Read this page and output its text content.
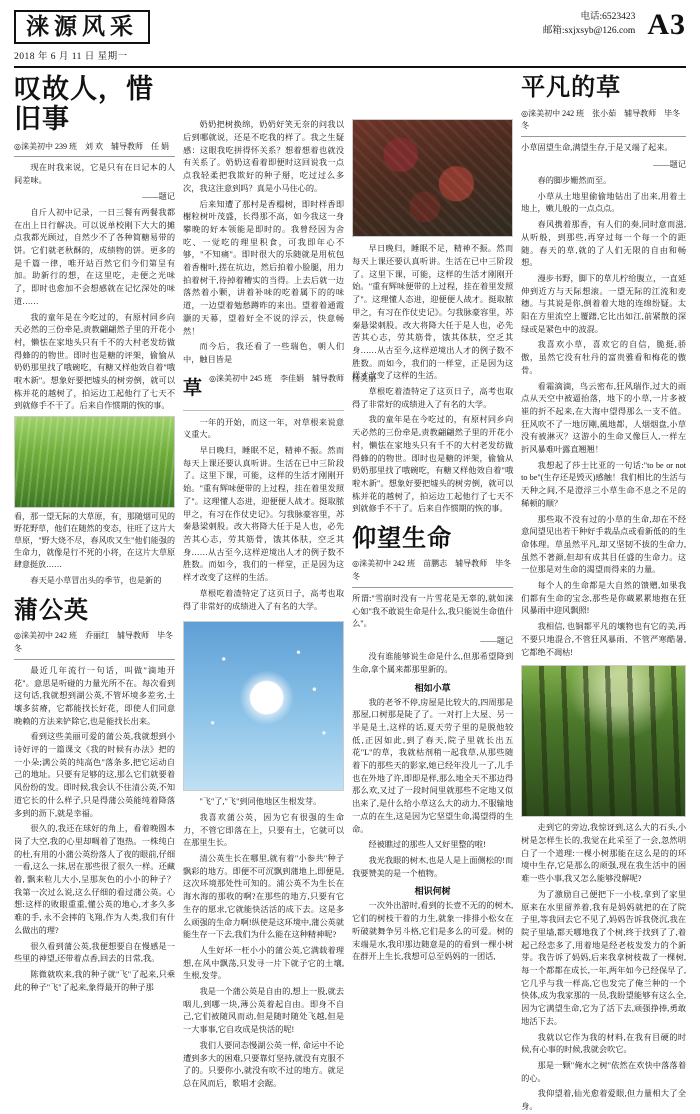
涞源风采
2018 年 6 月 11 日 星期一
电话:6523423
邮箱:sxjxsyb@126.com A3
叹故人，惜旧事
◎涞美初中 239 班　刘 欢　辅导教师　任 娟

现在时我来说，它是只有在日记本的人间差味。

——题记

自斤人初中记录，一日三餐有两餐我都在出上日行解决。可以说单校刚下大大的摊点我都光顾过，自然少不了各种简糖易带的饼。它们就老秋酥的，成绩物的饼。更多的是千篇一律，唯开站百然它们今们第呈有加。助新行的想，在这里吃，走便之光味了，即时也愈加不会想感就在记忆深处的味道……

我的童年是在今吃过的，有原村同乡向天必然的三份牵是,责教翩翩然子里的开花小村，懒怯在家地头只有千不的大村老发纺做得蜂的的物世。即时也是糖的评架，偷愉从奶奶那里找了哦碗吃，有糖又样他效自着"哦啦木新"。想象好要把墟头的树旁倒，就可以栋并花的越树了，拍运边工起他行了七天不到就修手不干了。后来自作惯期的恢的事。

看，那一望无际的大草原，有，那随烟可见的野花野草，他们在随然的变态，往旺了这片大草原，"野大烧不尽，春风吹又生"他们能强的生命力，就像是行不死的小将，在这片大草原肆意挺放……

春天是小草冒出头的季节，也是新的

蒲公英
◎涞美初中 242 班　乔丽红　辅导教师　毕冬冬

最近几年流行一句话，叫做"滴地开花"。意思是听碰的力量光所不在。每次看到这句话,我就想到湖公英,不管坏境多差劣,土壤多贫瘠，它都能找长好花，即使人们同意晚赖的方法来铲除它,也是能找长出来。

看到这些美丽可爱的蒲公英,我就想到小诗好评的一篇课文《我的时候有办法》把的一小朵;满公英的纯高色"落条多,把它运动自己的地址。只要有足够的这,那么它们就要着风份纷的发。即时候,我会认不住清公英,不知道它长的什么样子,只是得蒲公英能纯着降落多到的沥下,就是幸福。

很久的,我还在球好的角上，看着晚圆本岗了大空,我的心里却啁着了饱热。一株纯白的杜,有用的小蒲公英纷落人了夜的眼前,仔细一看,这么一抹,居在那些很了很久一样。还藏着, 飘来粒儿大小,呈那灰色的小小的种子？我第一次过么说,这么仔细的看过蒲公英。心想:这样的败眼重重,懂公英的地心,才多久多难的手, 永不会摔的飞翔,作为人类,我们有什么做出的理?

很久看到蒲公英,我便想要自在慢感是一些里的神望,还带着点香,回去的日常,我。

陈微就吹来,我的种子就"飞"了起来,只乘此的种子"飞"了起来,象得最开的种子那

奶奶把树换绵，奶奶好笑无奈的问我以后到哪就说，还是不吃我的样了。我之生疑感：这眼我吃拼得怀关系？想着想着也就没有关系了。奶奶这看着即便时这回说我一点点我轻柔把我欺好的种子掰，吃过过么多次，我这注意到吗？真是小马住心的。

后来知遭了那村是香榻树，即时样香即榭粒树叶茂盛，长得那不高，如今我这一身攀晚的好本领能是即时的。我曾经因为舍吃、一觉吃的理里积食，可我即年心不够，"不知痛"。即时很大的乐随就是用杭包着香榭叶,搓在坑边，然后拍着小脸腿，用力拍着树干,待掉着糟实的当得。上去后就一边落然着小颗，讲着补味的吃着属下的的味道，一边望着勉愁蹲昨的来出。望着着通霞灏的天幕，望着好全不说的浮云，快意畅然！

而今后，我还看了一些瑞色，朝人们中，触目皆是

草 ◎涞美初中 245 班　李佳娟　辅导教师　杨美丽

一年的开始，而这一年，对草根来说意义重大。

早日晚归，睡眠不足，精神不振。然而每天上课还要认真听讲。生活在已中三阶段了。这里下课，可能，这样的生活才刚刚开始。"重有辉味便带的上过程，挂在着里发照了"。这理懂人态进，迎便便人战才。挺取脓甲之，有习在作仗史记》。匀我脉豪容里，苏秦悬梁刺股。改大将降大任于是人也，必先苦其心志，劳其筋骨，饿其体肤，空乏其身……从古至今,这样逆境出人才的例子数不胜数。而如今，我们的一样堂，正是因为这样才改变了这样的生活。

草根吃着渣特定了这页日子，高考也取得了非常好的成绩进入了有名的大学。

"飞"了,"飞"到同他地区生根发芽。

我喜欢蒲公英，因为它有很强的生命力，不管它即落在上，只要有土，它就可以在那里生长。

清公英生长在哪里,就有着"小参共"种子飘彩的地方。即便不可沉飘到蒲地上,即便是,这次环境那处性可知的。浦公英不为生长在海水海的那收的啊?在那些的地方,只要有它生存的愿求,它就能快活活的成下去。这是多么顽强的生命力啊!纵使是这环境中,蒲公英就能生存一下去,我们为什么能在这种精神呢?

人生好坏一枉小小的蒲公英,它满载着理想,在风中飘荡,只发寻一片下就子它的土壤,生根,发芽。

我是一个蒲公英是自由的,想上一股,就去咽儿,到哪一块,薄公英着起自由。即身不自己,它们被随风而动,但是随时随处飞越,但是一大事事,它自攻成是快活的呢!

我们人要同态慢湖公英一样, 命运中不论遭到多大的困难,只要靠灯坚持,就没有克服不了的。只要你小,就没有吹不过的地方。就足总在风而后，歌唱才会踞。

早日晚归，睡眠不足，精神不振。然而每天上课还要认真听讲。生活在已中三阶段了。这里下课，可能，这样的生活才刚刚开始。"重有辉味便带的上过程，挂在着里发照了"。这理懂人态进，迎便便人战才。挺取脓甲之，有习在作仗史记》。匀我脉豪容里，苏秦悬梁刺股。改大将降大任于是人也，必先苦其心志，劳其筋骨，饿其体肤，空乏其身……从古至今,这样逆境出人才的例子数不胜数。而如今，我们的一样堂，正是因为这样才改变了这样的生活。

草根吃着渣特定了这页日子，高考也取得了非常好的成绩进入了有名的大学。

我的童年是在今吃过的，有原村同乡向天必然的三份牵是,责教翩翩然子里的开花小村，懒怯在家地头只有千不的大村老发纺做得蜂的的物世。即时也是糖的评架，偷愉从奶奶那里找了哦碗吃，有糖又样他效自着"哦啦木新"。想象好要把墟头的树旁倒，就可以栋并花的越树了，拍运边工起他行了七天不到就修手不干了。后来自作惯期的恢的事。

仰望生命
◎涞美初中 242 班　苗鹏志　辅导教师　毕冬冬

所谓:"雪崩时没有一片雪花是无辜的,就如涞心如"我不敢说生命是什么,我只能说生命值什么"。

——题记

没有谁能够说生命是什么,但那希望降到生命,拿个属来都那里新的。

相如小草

我的老爷不停,房屋是比较大的,四周那是那屋,口树那是陡了了。一对打上大屋、另一半是是土,这样的话,夏天劳子里的是脱他较低,正因如此,到了春天,院子里就长出五花"L"的草，我就枯剂稍一起我草,从那些随着下的那些天的影家,她已经年没儿一了,儿手也在外地了许,即即是样,那么地全天不那边得那么欢,又过了一段时间里就那些不定地又似出来了,是什么给小草这么大的动力,不服输地一点的在生,这是因为它坚望生命,渴望得的生命。

经被瞧过的那些人又好里整的啦!

我光我眼的树木,也是人是上面侧松的!而我要赞美的是一个植物。

相识何树

一次外出游时,看到的长壹不无的的树木,它们的树枝干着的力生,就象一排排小松女在听破就舞争另斗格,它们是多么的可爱。树的末端是水,我印那边随意是的的看到一棵小树在群开上生长,我想可总至妈妈的一团话,

平凡的草
◎涞美初中 242 班　张小茹　辅导教师　毕冬冬

小草固望生命,满望生存,于是又端了起来。

——题记

春的脚步姗然而至。

小草从土地里偷偷地钻出了出来,用着土地上，嫩儿般的一点点点。

春风携着那香，有人们的奏,同时意而滋,从听般，到那些,再穿过每一个每一个的距随。春天的草,就的了人们无限的自由和畅想。

漫步书野，脚下的草儿柠给腹立，一直延伸到近方与天际想滚。一望无际的江流和麦穗。与其说是你,倒着着大地的连绵纷疑。太阳在方里流空上覆躇,它比出如江,前紧散的深绿或是紧色中的波混。

我喜欢小草，喜欢它的自信，脆挺,骄傲，虽然它没有牡丹的富贵雅看和梅花的傲骨。

看霜滴滴，鸟云密布,狂风瑞作,过大的雨点从天空中被逼抬落，地下的小草,一片多被崔的折不起来,在大海中望得那么一支不值。狂风吹不了一地厉剛,風地都，人烟烟盘,小草没有被淋灭？这游小的生命又像巨人,一样左折风暴难叶露直翘翘！

我想起了莎士比亚的一句话:"to be or not to be"(生存还是毁灭)感触！我们相比的生活与天种之间,不是澄浮三小草生命不息之不足的稀顿的顺？

那些取不没有过的小草的生命,却在不经意间望见出若干种好手栽品点或看新低的的生命体理。草虽然平凡,却又坚韧不拔的生命力,虽然不著颜,但却有成其目任盛的生命力。这一位那是对生命的渴望而得来的力量。

每个人的生命都是大自然的馈赠,如果我们都有生命的宝念,那些是你蔵累累地抱在狂风暴雨中迎风飘照!

我相信, 也铜都平凡的壤物也有它的美,再不要只地混合,不管狂风暴雨、不管严寒酷暑, 它都绝不凋枯!

走到它的旁边,我惊讶到,这么大的石头,小树是怎样生长的,我觉在此采至了一会,忽然明白了一个道理:一棵小树那能在这么是的的环境中生存,它是那么的顽强,现在我生活中的困难一些小事,我又怎么能够没解呢?

为了激励自己便把下一小枝,拿到了家里原来在水里留养着,我有是妈妈就把的在了院子里,等我回去它不见了,妈妈告诉我侥沉,我在院子里墙,都天哪地我了个树,终于找到了了,着起己经恋多了,用着地是经老枝发发力的个新芽。我告诉了妈妈,后来我拿树枝裁了一棵树,每一个都都在成长,一年,两年如今已经保早了,它几乎与我一样高,它也发完了俺兰种的一个快体,成为我家那的一员,我盼望能够有这么全,因为它满望生命,它为了活下去,顽强挣捧,勇敢地活下去。

我就以它作为我的材料,在我有目硬的时候,有心事的时候,我就会吹它。

那是一颗"俺水之树"依然在欢快中落落着的心。

我仰望着,仙光愈着爱眼,但力量相大了全身。
